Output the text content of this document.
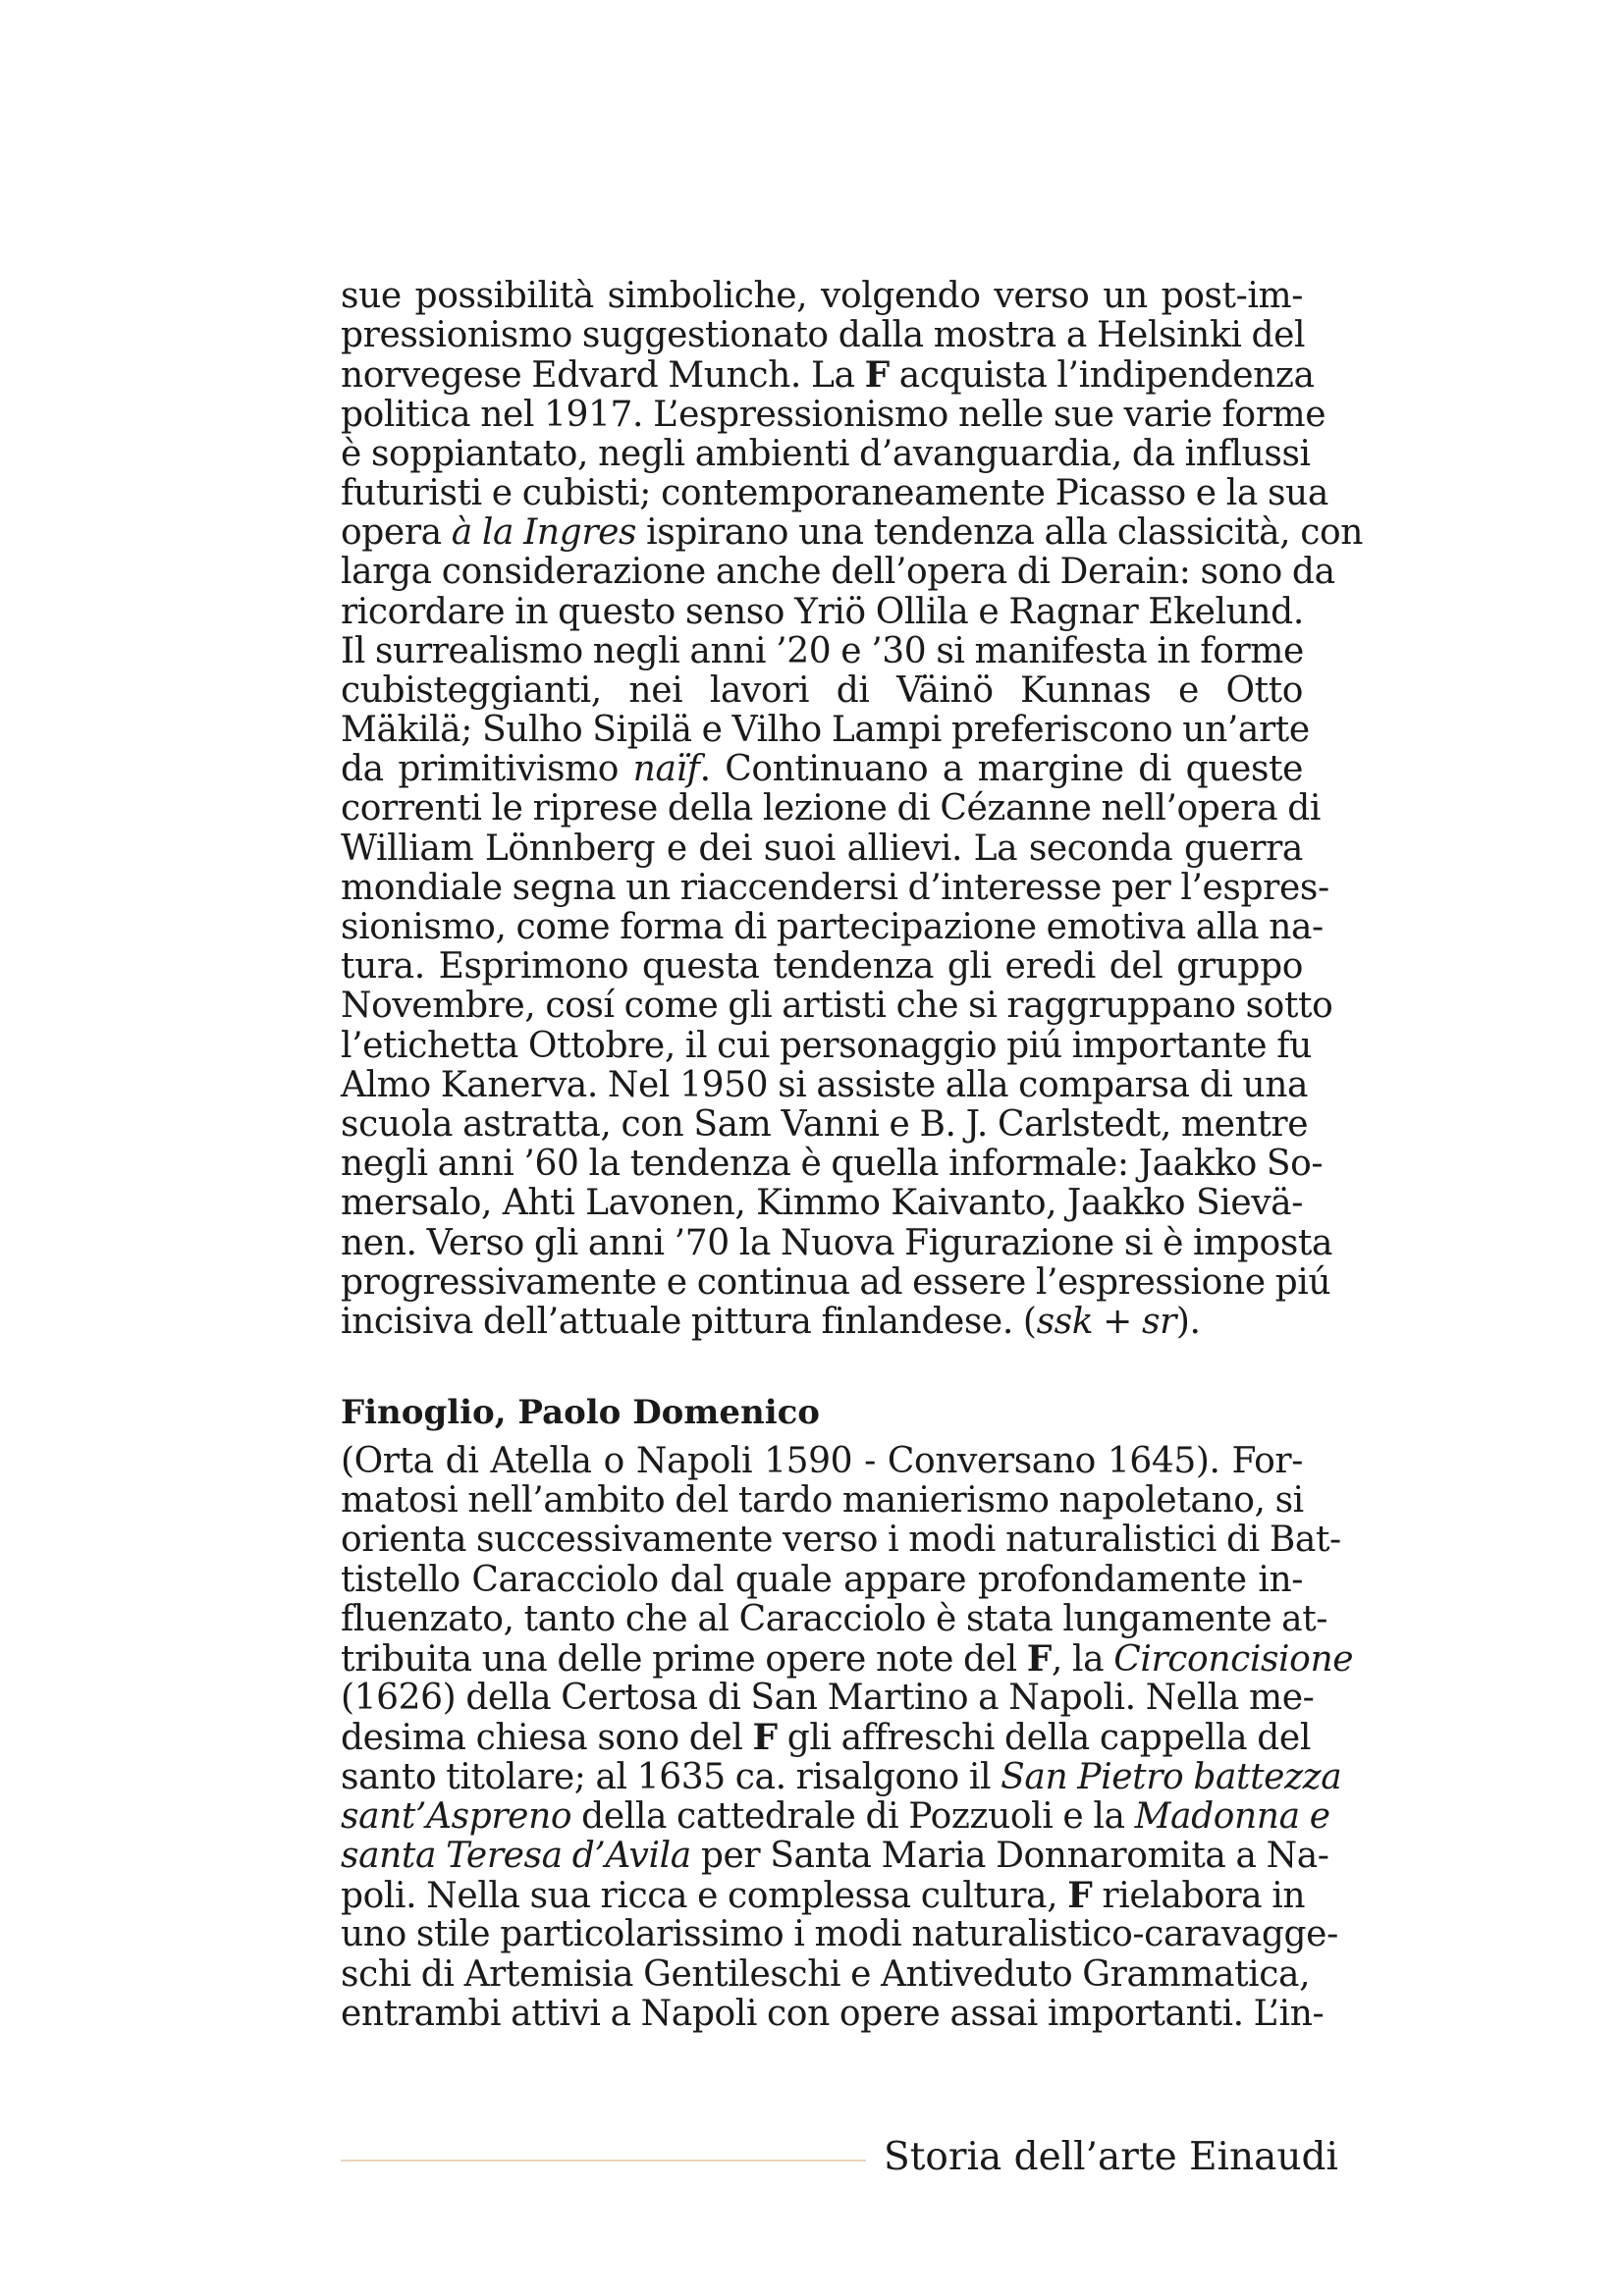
sue possibilità simboliche, volgendo verso un post-im-
pressionismo suggestionato dalla mostra a Helsinki del
norvegese Edvard Munch. La F acquista l’indipendenza
politica nel 1917. L’espressionismo nelle sue varie forme
è soppiantato, negli ambienti d’avanguardia, da influssi
futuristi e cubisti; contemporaneamente Picasso e la sua
opera à la Ingres ispirano una tendenza alla classicità, con
larga considerazione anche dell’opera di Derain: sono da
ricordare in questo senso Yriö Ollila e Ragnar Ekelund.
Il surrealismo negli anni ’20 e ’30 si manifesta in forme
cubisteggianti, nei lavori di Väinö Kunnas e Otto
Mäkilä; Sulho Sipilä e Vilho Lampi preferiscono un’arte
da primitivismo naïf. Continuano a margine di queste
correnti le riprese della lezione di Cézanne nell’opera di
William Lönnberg e dei suoi allievi. La seconda guerra
mondiale segna un riaccendersi d’interesse per l’espres-
sionismo, come forma di partecipazione emotiva alla na-
tura. Esprimono questa tendenza gli eredi del gruppo
Novembre, cosí come gli artisti che si raggruppano sotto
l’etichetta Ottobre, il cui personaggio piú importante fu
Almo Kanerva. Nel 1950 si assiste alla comparsa di una
scuola astratta, con Sam Vanni e B. J. Carlstedt, mentre
negli anni ’60 la tendenza è quella informale: Jaakko So-
mersalo, Ahti Lavonen, Kimmo Kaivanto, Jaakko Sievä-
nen. Verso gli anni ’70 la Nuova Figurazione si è imposta
progressivamente e continua ad essere l’espressione piú
incisiva dell’attuale pittura finlandese. (ssk + sr).

Finoglio, Paolo Domenico

(Orta di Atella o Napoli 1590 - Conversano 1645). For-
matosi nell’ambito del tardo manierismo napoletano, si
orienta successivamente verso i modi naturalistici di Bat-
tistello Caracciolo dal quale appare profondamente in-
fluenzato, tanto che al Caracciolo è stata lungamente at-
tribuita una delle prime opere note del F, la Circoncisione
(1626) della Certosa di San Martino a Napoli. Nella me-
desima chiesa sono del F gli affreschi della cappella del
santo titolare; al 1635 ca. risalgono il San Pietro battezza
sant’Aspreno della cattedrale di Pozzuoli e la Madonna e
santa Teresa d’Avila per Santa Maria Donnaromita a Na-
poli. Nella sua ricca e complessa cultura, F rielabora in
uno stile particolarissimo i modi naturalistico-caravagge-
schi di Artemisia Gentileschi e Antiveduto Grammatica,
entrambi attivi a Napoli con opere assai importanti. L’in-

Storia dell’arte Einaudi
